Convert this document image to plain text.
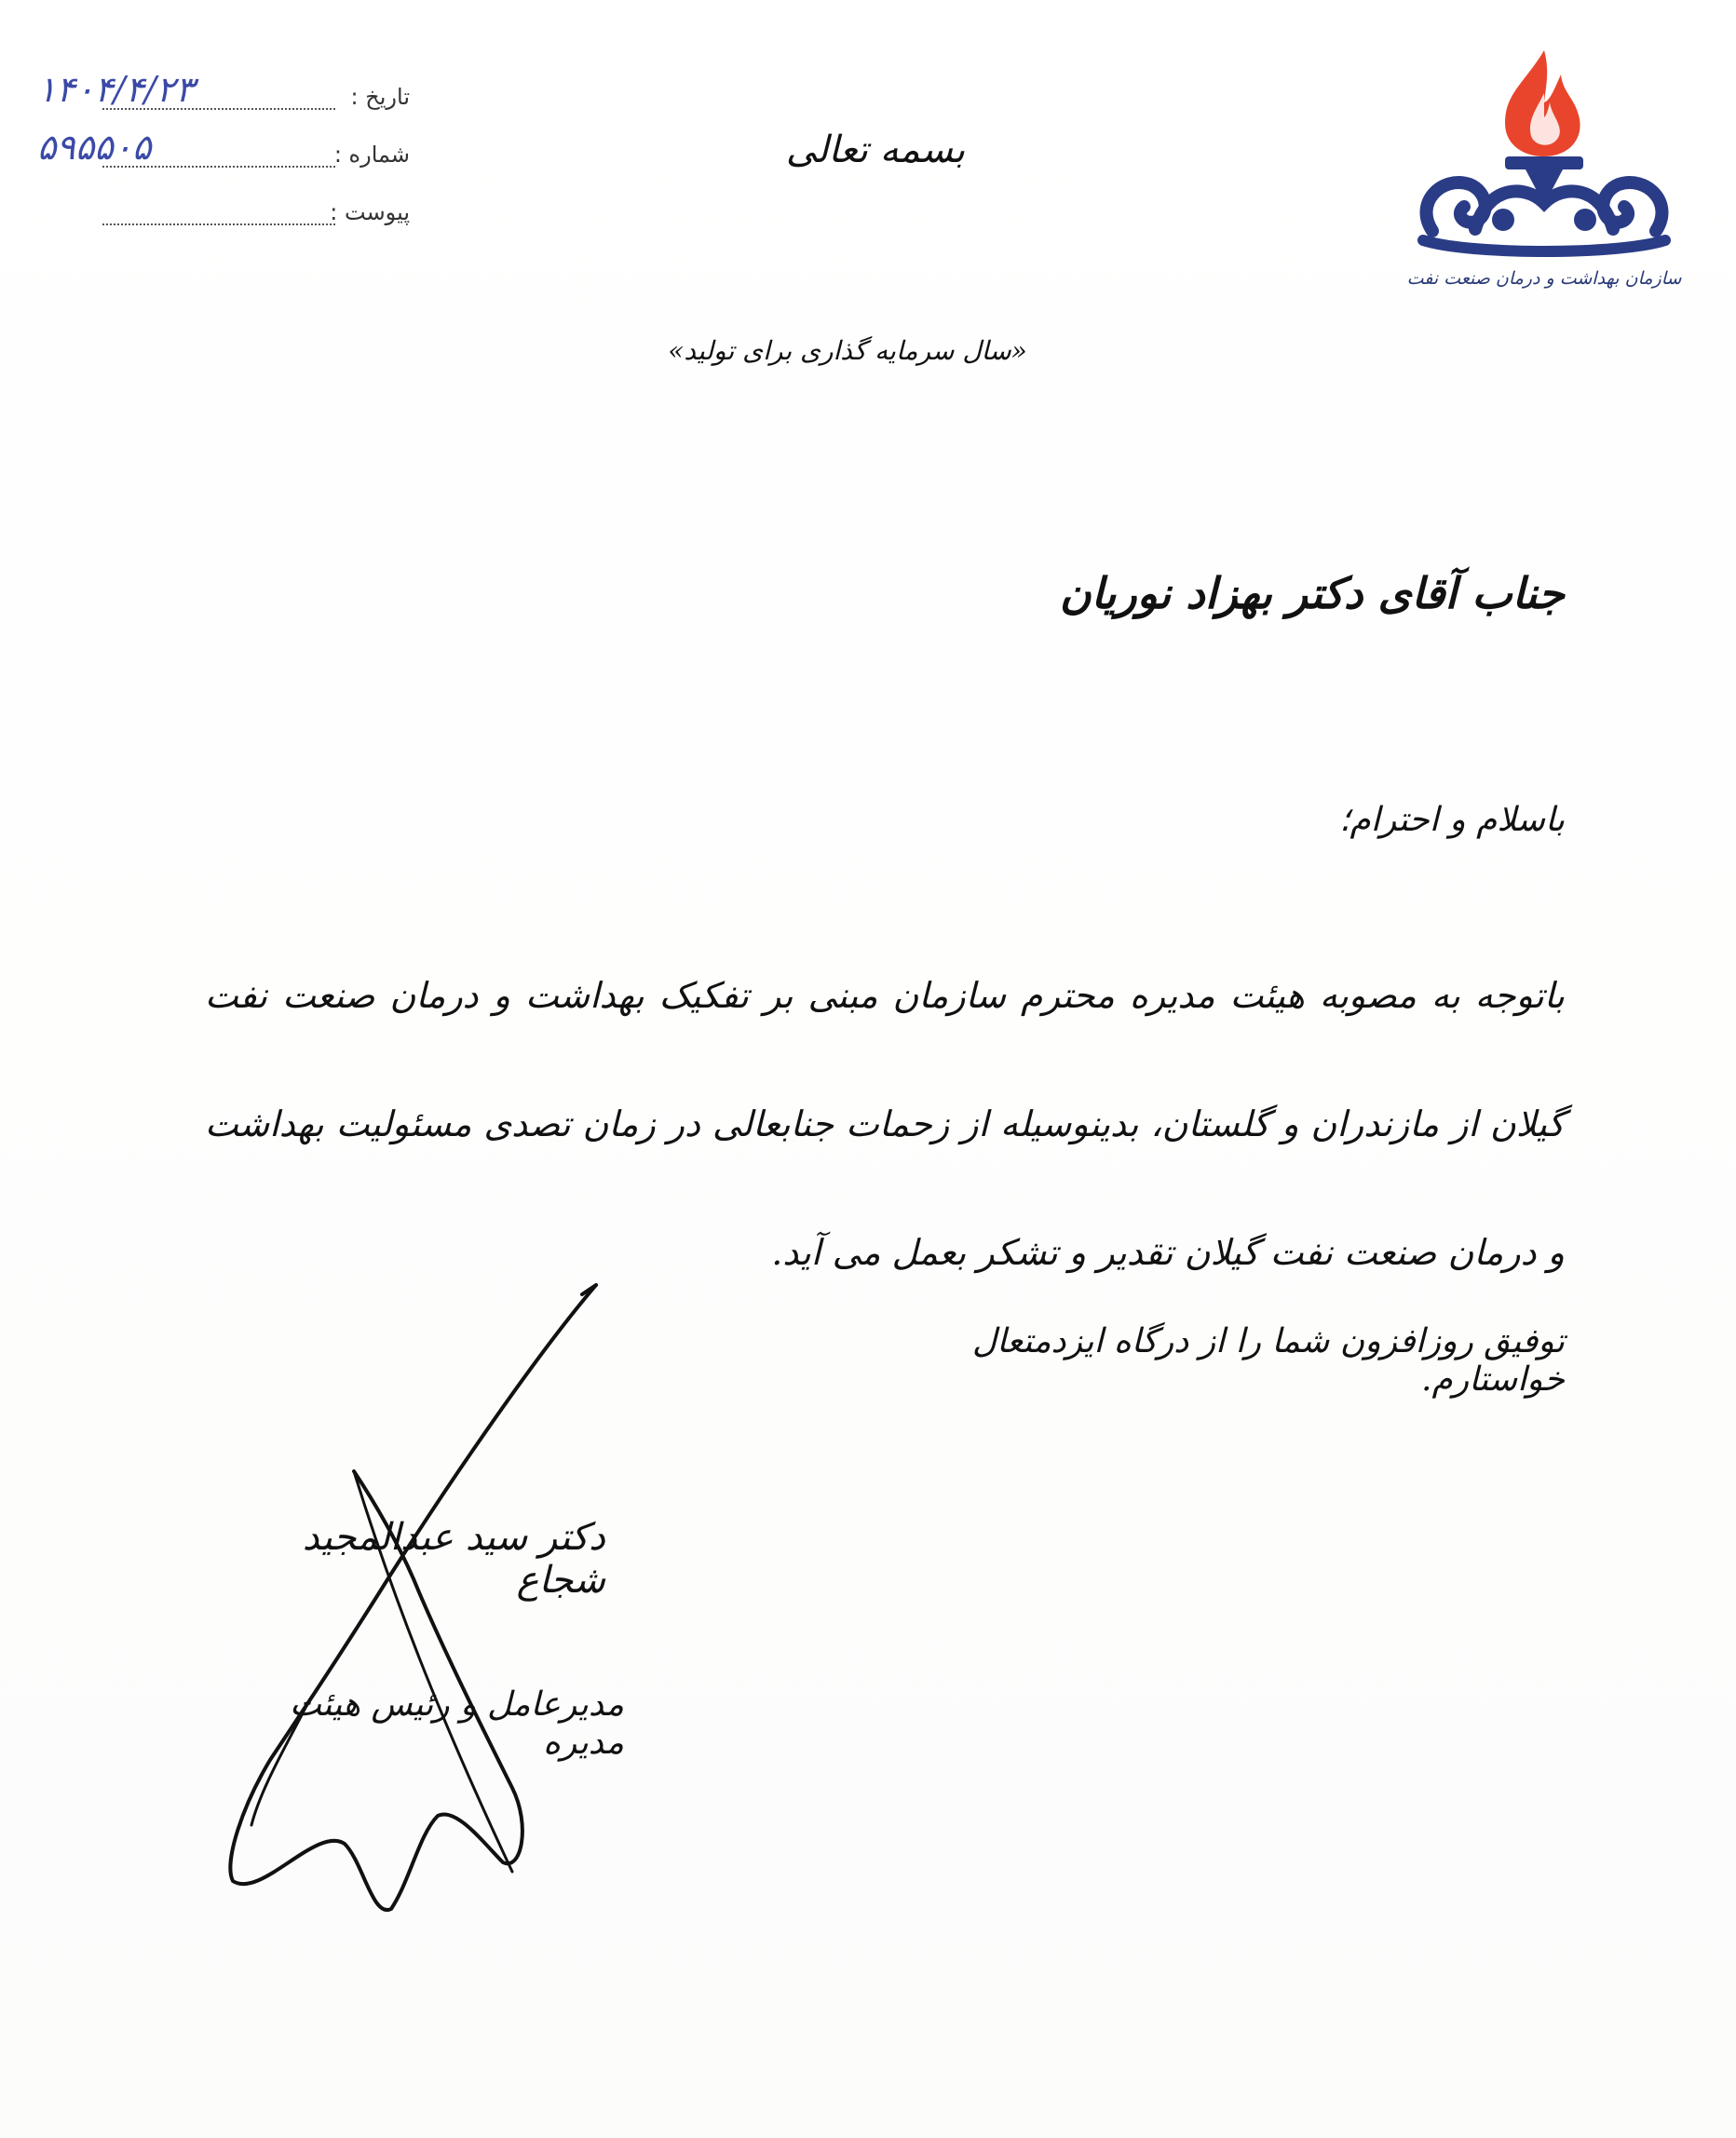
سازمان بهداشت و درمان صنعت نفت
تاریخ :
۱۴۰۴/۴/۲۳
شماره :
۵۹۵۵۰۵
پیوست :
بسمه تعالی
«سال سرمایه گذاری برای تولید»
جناب آقای دکتر بهزاد نوریان
باسلام و احترام؛
باتوجه به مصوبه هیئت مدیره محترم سازمان مبنی بر تفکیک بهداشت و درمان صنعت نفت گیلان از مازندران و گلستان، بدینوسیله از زحمات جنابعالی در زمان تصدی مسئولیت بهداشت و درمان صنعت نفت گیلان تقدیر و تشکر بعمل می آید.
توفیق روزافزون شما را از درگاه ایزدمتعال خواستارم.
دکتر سید عبدالمجید شجاع
مدیرعامل و رئیس هیئت مدیره
